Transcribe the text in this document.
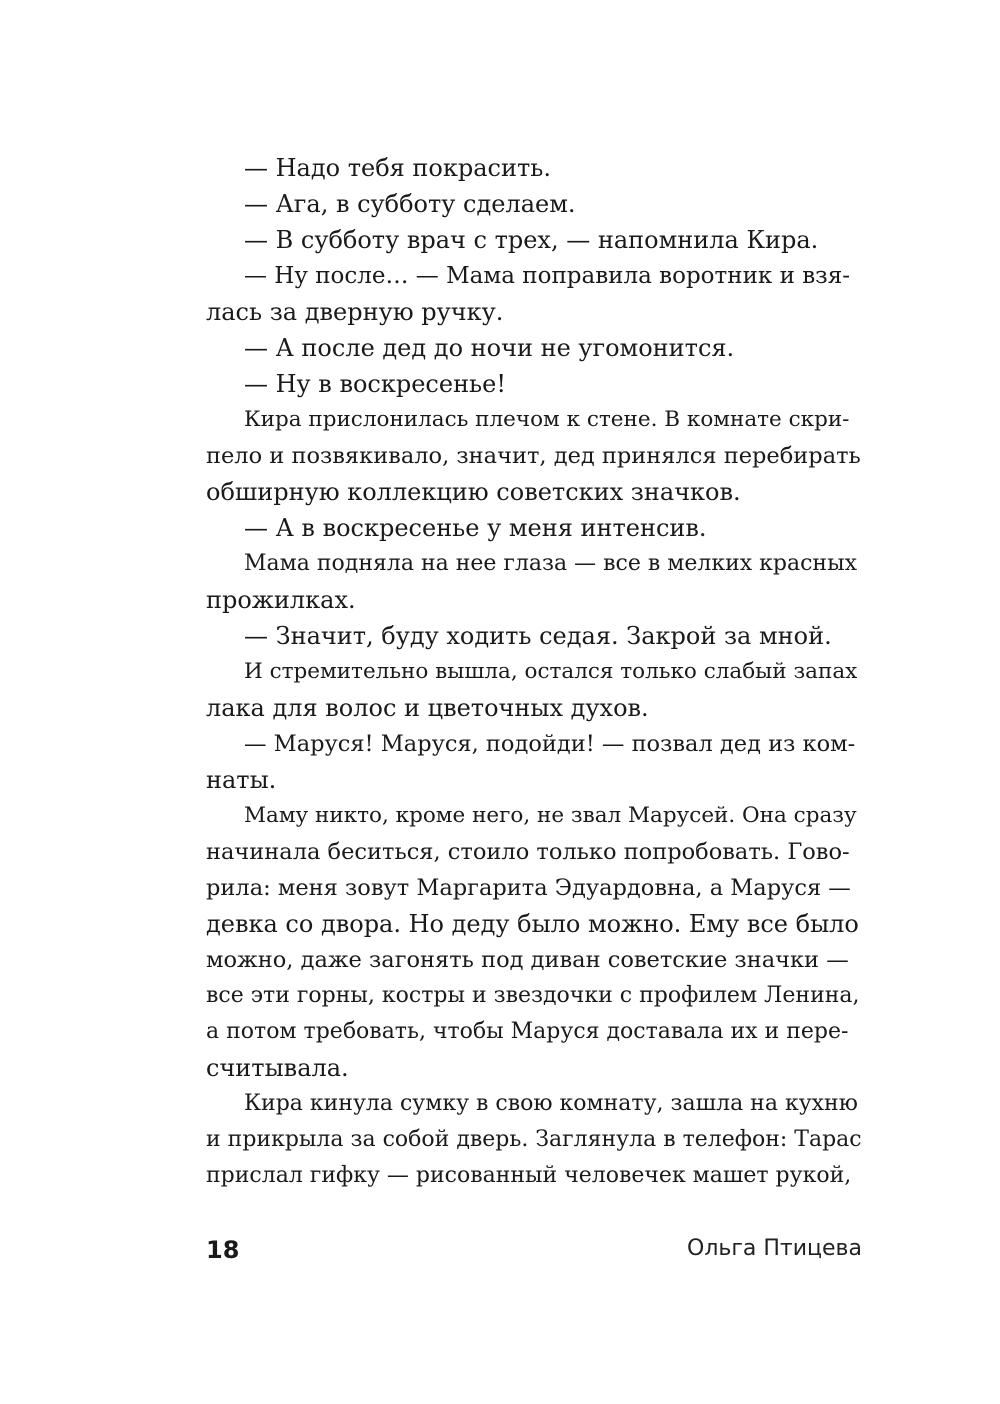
— Надо тебя покрасить.
— Ага, в субботу сделаем.
— В субботу врач с трех, — напомнила Кира.
— Ну после… — Мама поправила воротник и взя-
лась за дверную ручку.
— А после дед до ночи не угомонится.
— Ну в воскресенье!
Кира прислонилась плечом к стене. В комнате скри-
пело и позвякивало, значит, дед принялся перебирать
обширную коллекцию советских значков.
— А в воскресенье у меня интенсив.
Мама подняла на нее глаза — все в мелких красных
прожилках.
— Значит, буду ходить седая. Закрой за мной.
И стремительно вышла, остался только слабый запах
лака для волос и цветочных духов.
— Маруся! Маруся, подойди! — позвал дед из ком-
наты.
Маму никто, кроме него, не звал Марусей. Она сразу
начинала беситься, стоило только попробовать. Гово-
рила: меня зовут Маргарита Эдуардовна, а Маруся —
девка со двора. Но деду было можно. Ему все было
можно, даже загонять под диван советские значки —
все эти горны, костры и звездочки с профилем Ленина,
а потом требовать, чтобы Маруся доставала их и пере-
считывала.
Кира кинула сумку в свою комнату, зашла на кухню
и прикрыла за собой дверь. Заглянула в телефон: Тарас
прислал гифку — рисованный человечек машет рукой,
18	Ольга Птицева
